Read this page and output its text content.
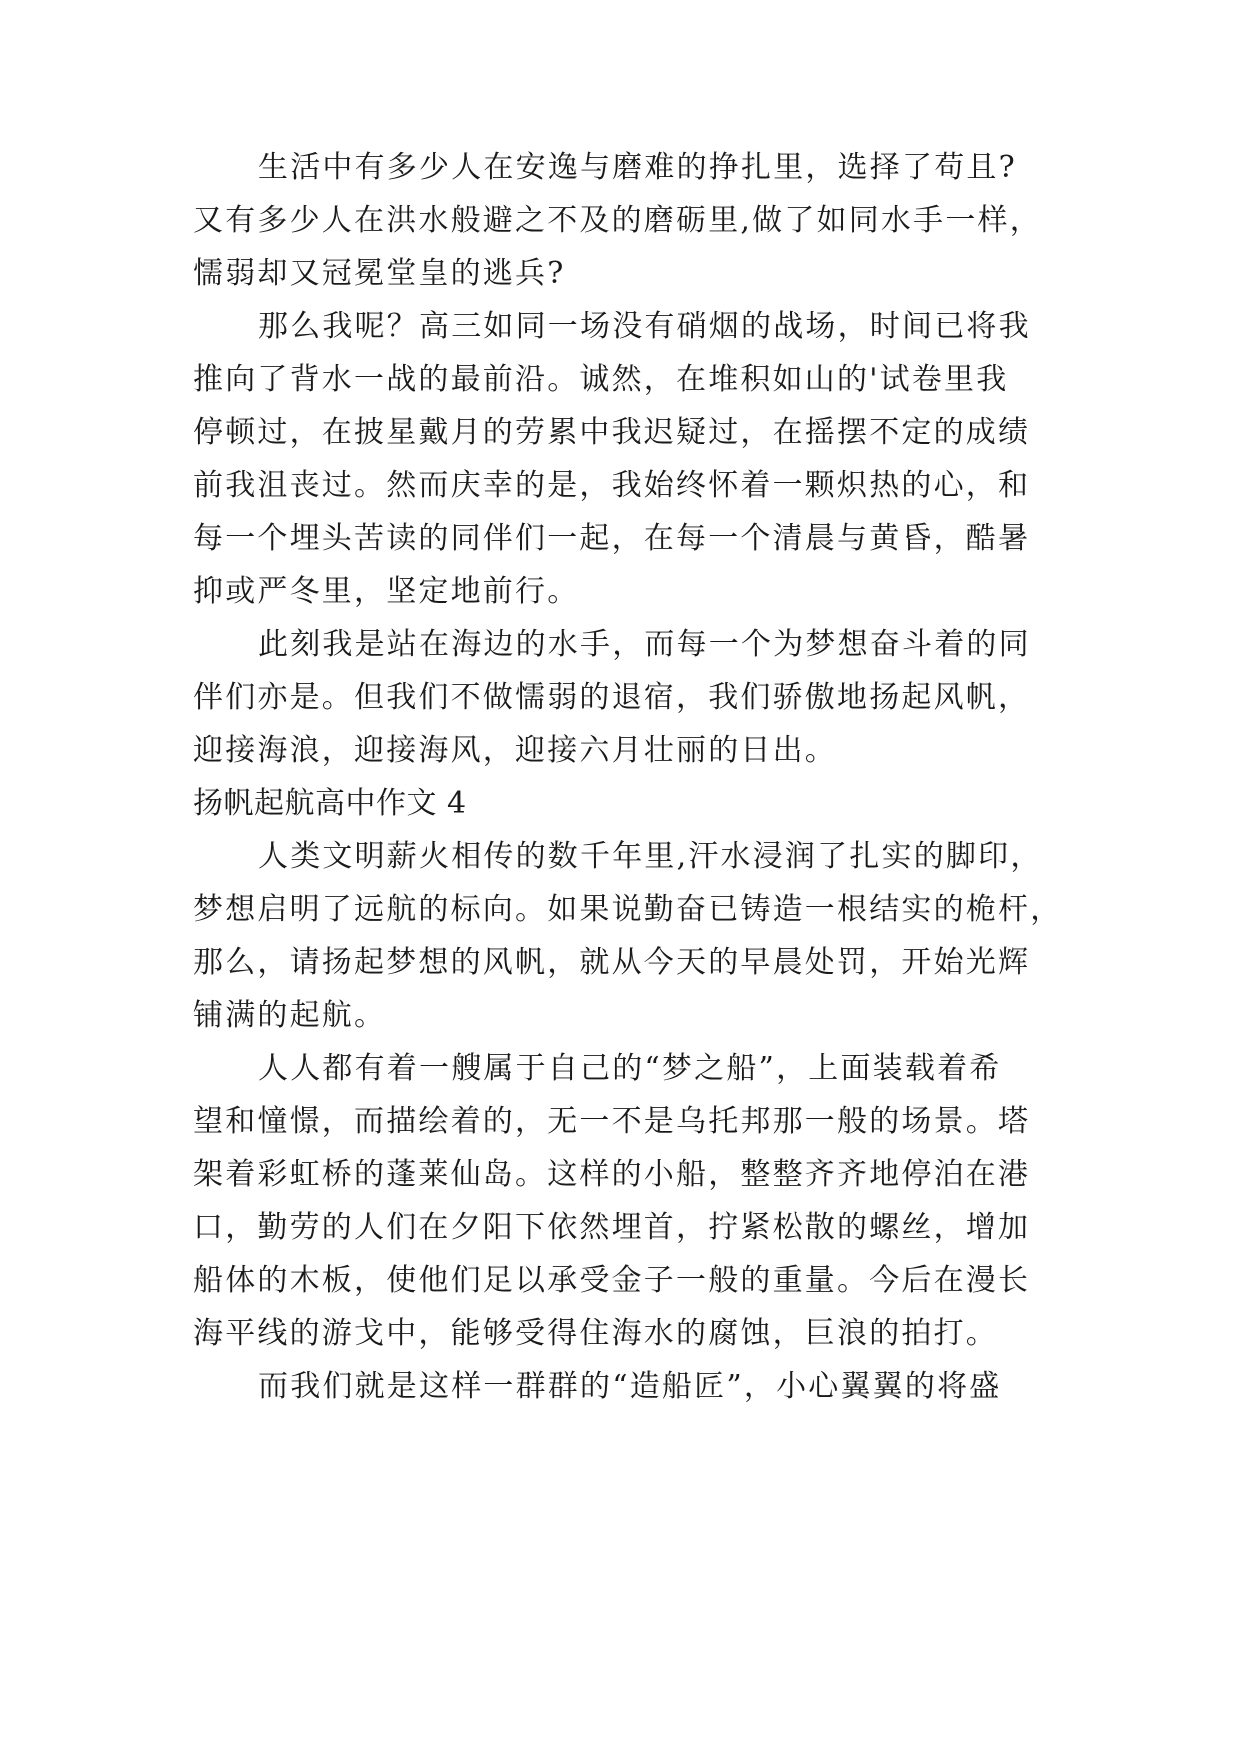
生活中有多少人在安逸与磨难的挣扎里，选择了苟且?
又有多少人在洪水般避之不及的磨砺里,做了如同水手一样，
懦弱却又冠冕堂皇的逃兵?
那么我呢？高三如同一场没有硝烟的战场，时间已将我
推向了背水一战的最前沿。诚然，在堆积如山的'试卷里我
停顿过，在披星戴月的劳累中我迟疑过，在摇摆不定的成绩
前我沮丧过。然而庆幸的是，我始终怀着一颗炽热的心，和
每一个埋头苦读的同伴们一起，在每一个清晨与黄昏，酷暑
抑或严冬里，坚定地前行。
此刻我是站在海边的水手，而每一个为梦想奋斗着的同
伴们亦是。但我们不做懦弱的退宿，我们骄傲地扬起风帆，
迎接海浪，迎接海风，迎接六月壮丽的日出。
扬帆起航高中作文 4
人类文明薪火相传的数千年里,汗水浸润了扎实的脚印，
梦想启明了远航的标向。如果说勤奋已铸造一根结实的桅杆，
那么，请扬起梦想的风帆，就从今天的早晨处罚，开始光辉
铺满的起航。
人人都有着一艘属于自己的“梦之船”，上面装载着希
望和憧憬，而描绘着的，无一不是乌托邦那一般的场景。塔
架着彩虹桥的蓬莱仙岛。这样的小船，整整齐齐地停泊在港
口，勤劳的人们在夕阳下依然埋首，拧紧松散的螺丝，增加
船体的木板，使他们足以承受金子一般的重量。今后在漫长
海平线的游戈中，能够受得住海水的腐蚀，巨浪的拍打。
而我们就是这样一群群的“造船匠”，小心翼翼的将盛
